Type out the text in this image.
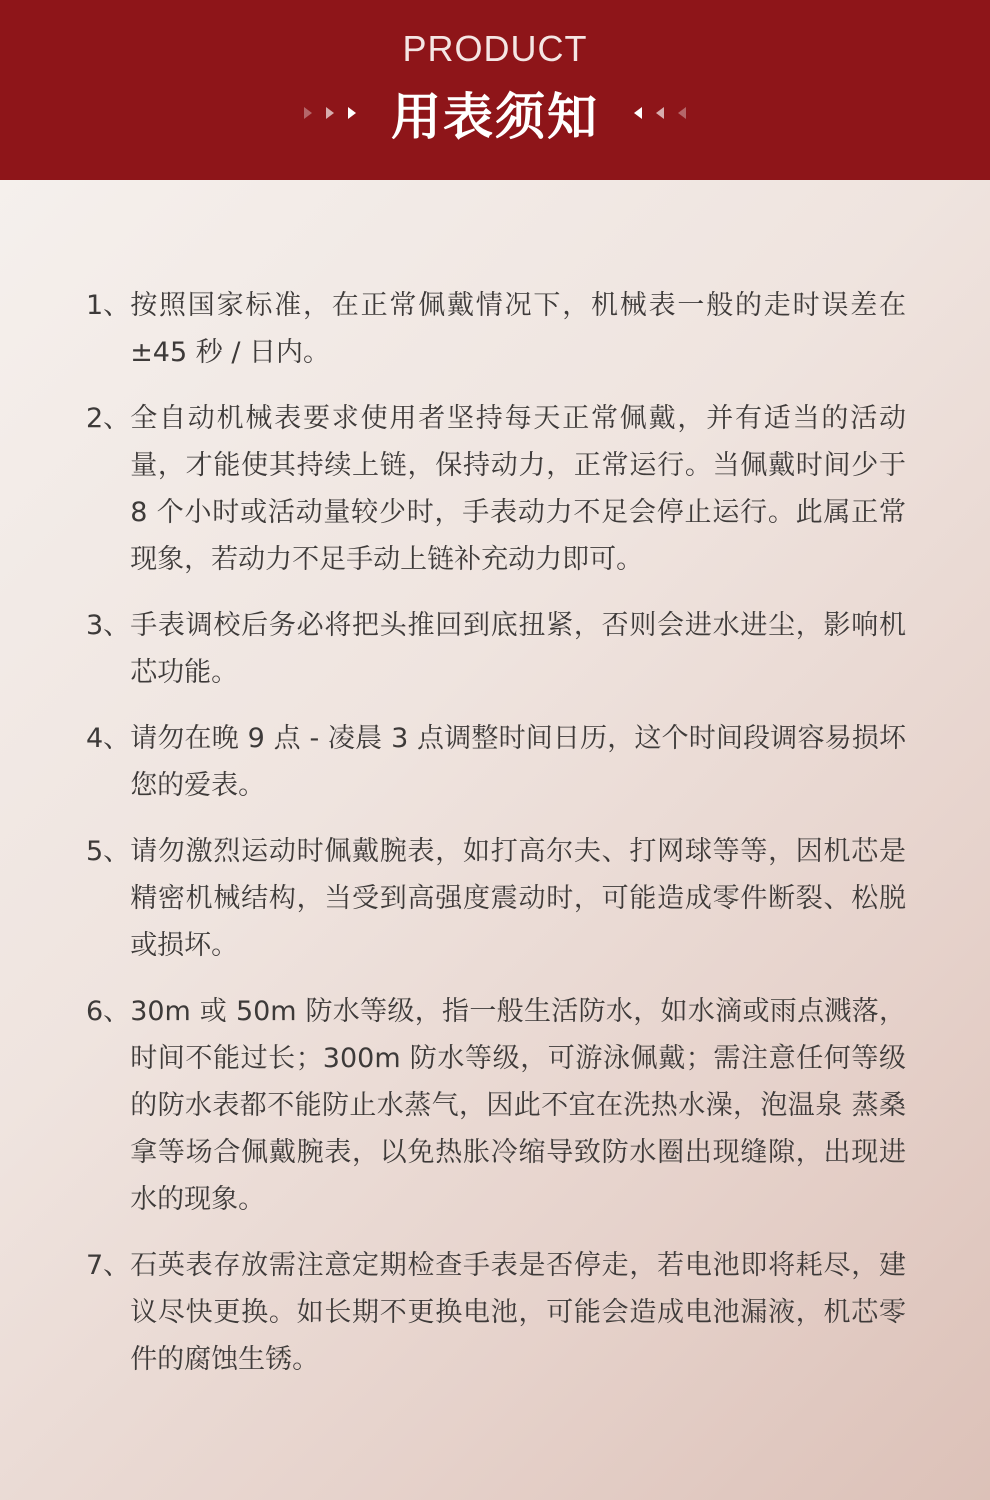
PRODUCT
用表须知
1、 按照国家标准，在正常佩戴情况下，机械表一般的走时误差在 ±45 秒 / 日内。
2、 全自动机械表要求使用者坚持每天正常佩戴，并有适当的活动量，才能使其持续上链，保持动力，正常运行。当佩戴时间少于 8 个小时或活动量较少时，手表动力不足会停止运行。此属正常现象，若动力不足手动上链补充动力即可。
3、 手表调校后务必将把头推回到底扭紧，否则会进水进尘，影响机芯功能。
4、 请勿在晚 9 点 - 凌晨 3 点调整时间日历，这个时间段调容易损坏您的爱表。
5、 请勿激烈运动时佩戴腕表，如打高尔夫、打网球等等，因机芯是精密机械结构，当受到高强度震动时，可能造成零件断裂、松脱或损坏。
6、 30m 或 50m 防水等级，指一般生活防水，如水滴或雨点溅落，时间不能过长；300m 防水等级，可游泳佩戴；需注意任何等级的防水表都不能防止水蒸气，因此不宜在洗热水澡，泡温泉 蒸桑拿等场合佩戴腕表，以免热胀冷缩导致防水圈出现缝隙，出现进水的现象。
7、 石英表存放需注意定期检查手表是否停走，若电池即将耗尽，建议尽快更换。如长期不更换电池，可能会造成电池漏液，机芯零件的腐蚀生锈。
